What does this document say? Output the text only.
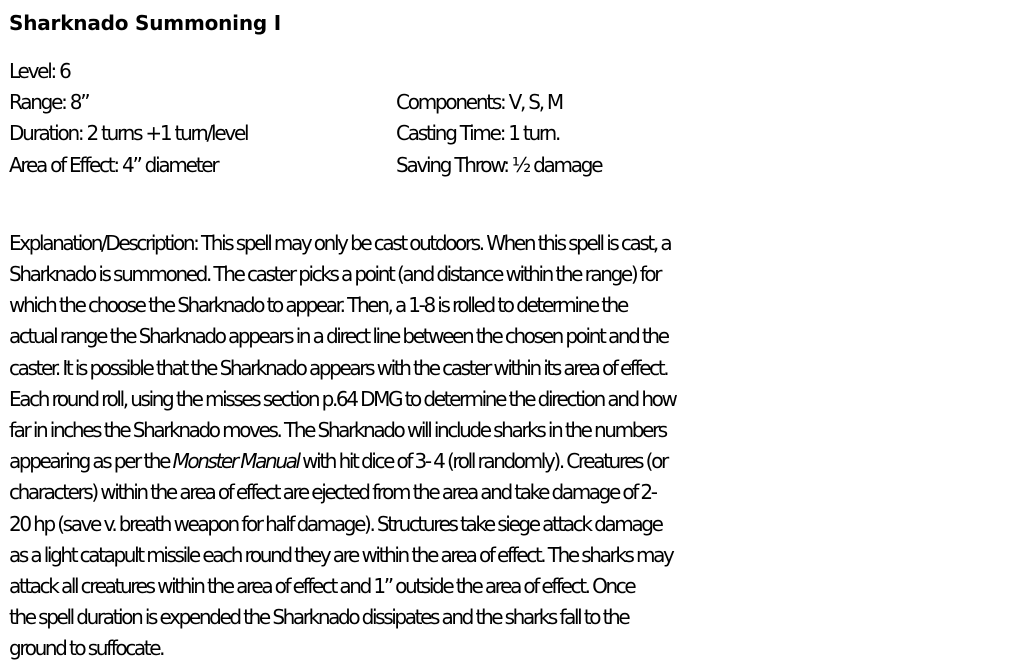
Sharknado Summoning I
Level: 6
Range: 8”	Components: V, S, M
Duration: 2 turns +1 turn/level	Casting Time: 1 turn.
Area of Effect: 4” diameter	Saving Throw: ½ damage
Explanation/Description: This spell may only be cast outdoors. When this spell is cast, a
Sharknado is summoned. The caster picks a point (and distance within the range) for
which the choose the Sharknado to appear. Then, a 1-8 is rolled to determine the
actual range the Sharknado appears in a direct line between the chosen point and the
caster. It is possible that the Sharknado appears with the caster within its area of effect.
Each round roll, using the misses section p.64 DMG to determine the direction and how
far in inches the Sharknado moves. The Sharknado will include sharks in the numbers
appearing as per the Monster Manual with hit dice of 3- 4 (roll randomly). Creatures (or
characters) within the area of effect are ejected from the area and take damage of 2-
20 hp (save v. breath weapon for half damage). Structures take siege attack damage
as a light catapult missile each round they are within the area of effect. The sharks may
attack all creatures within the area of effect and 1” outside the area of effect. Once
the spell duration is expended the Sharknado dissipates and the sharks fall to the
ground to suffocate.
